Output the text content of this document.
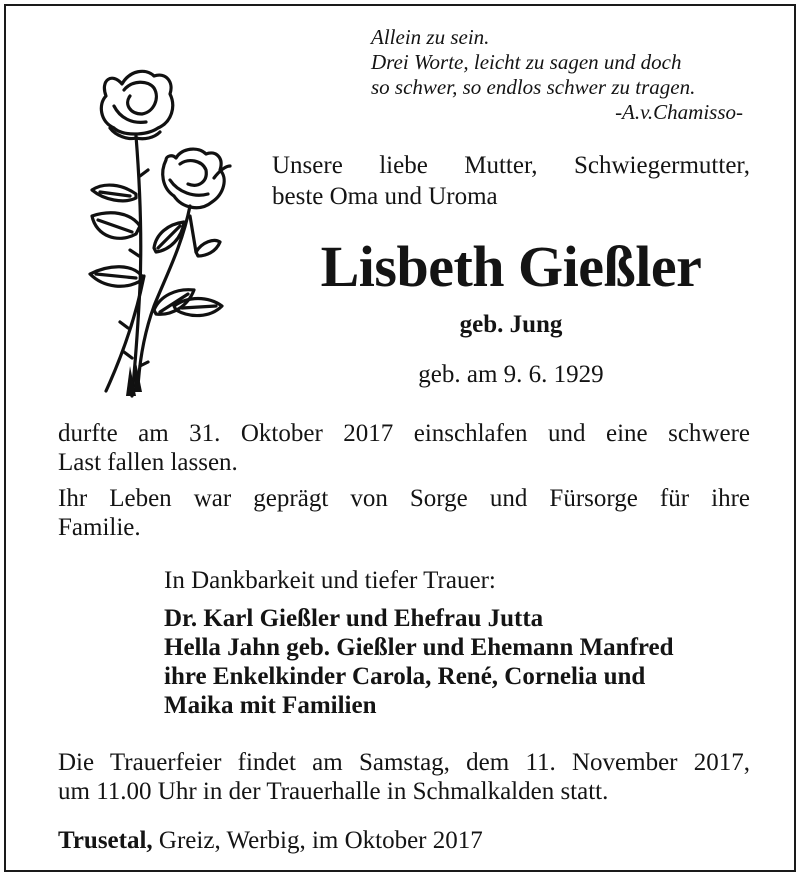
Allein zu sein.
Drei Worte, leicht zu sagen und doch
so schwer, so endlos schwer zu tragen.
-A.v.Chamisso-
Unsere liebe Mutter, Schwiegermutter,
beste Oma und Uroma
Lisbeth Gießler
geb. Jung
geb. am 9. 6. 1929
durfte am 31. Oktober 2017 einschlafen und eine schwere
Last fallen lassen.
Ihr Leben war geprägt von Sorge und Fürsorge für ihre
Familie.
In Dankbarkeit und tiefer Trauer:
Dr. Karl Gießler und Ehefrau Jutta
Hella Jahn geb. Gießler und Ehemann Manfred
ihre Enkelkinder Carola, René, Cornelia und
Maika mit Familien
Die Trauerfeier findet am Samstag, dem 11. November 2017,
um 11.00 Uhr in der Trauerhalle in Schmalkalden statt.
Trusetal, Greiz, Werbig, im Oktober 2017
